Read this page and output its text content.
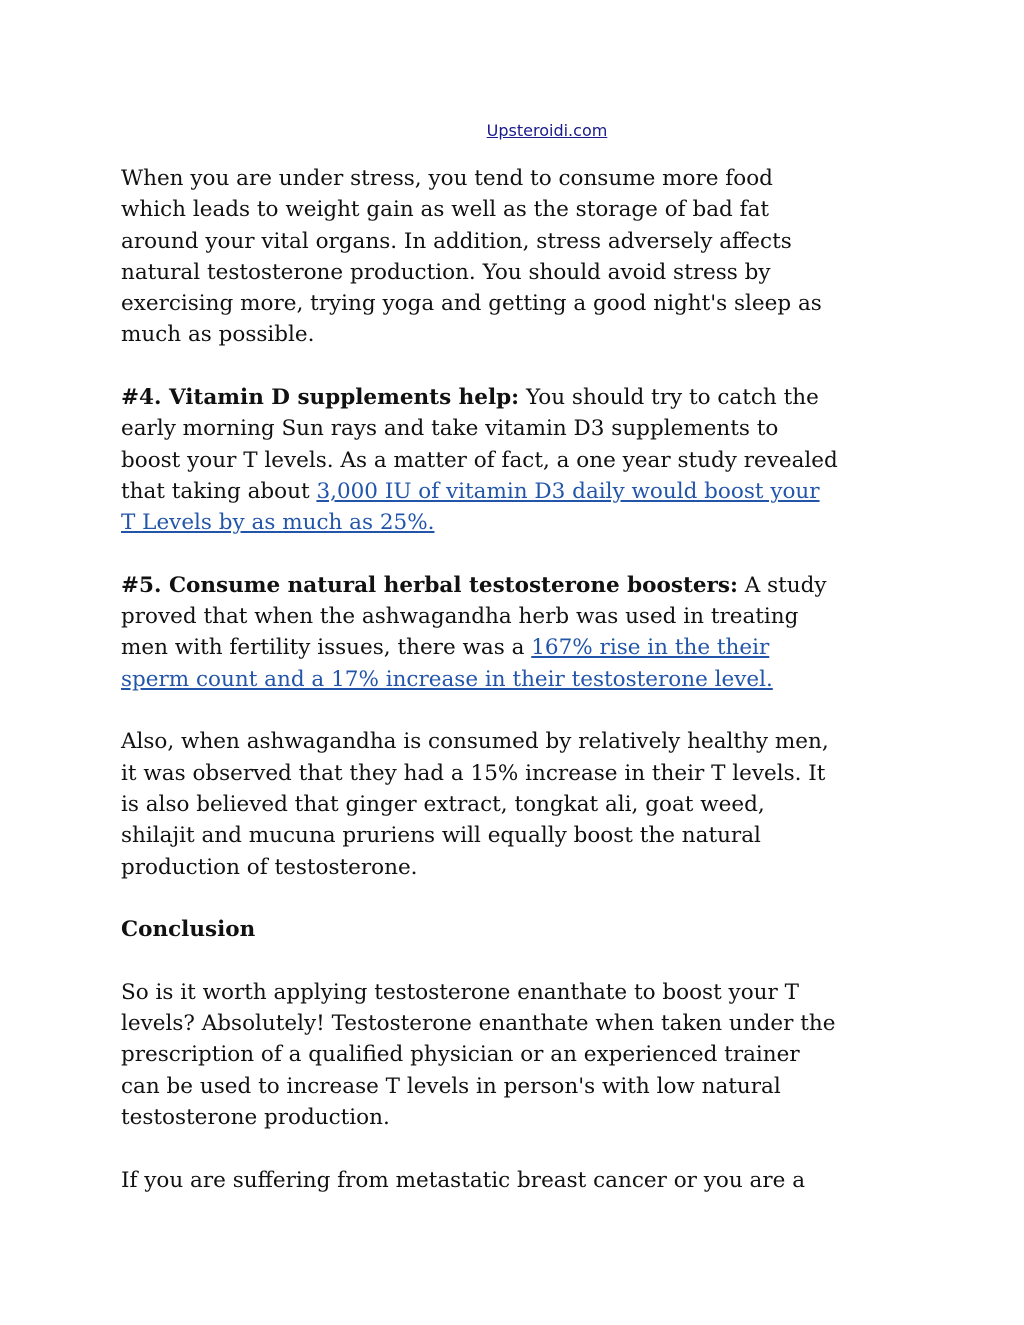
Upsteroidi.com

When you are under stress, you tend to consume more food
which leads to weight gain as well as the storage of bad fat
around your vital organs. In addition, stress adversely affects
natural testosterone production. You should avoid stress by
exercising more, trying yoga and getting a good night's sleep as
much as possible.

#4. Vitamin D supplements help: You should try to catch the
early morning Sun rays and take vitamin D3 supplements to
boost your T levels. As a matter of fact, a one year study revealed
that taking about 3,000 IU of vitamin D3 daily would boost your
T Levels by as much as 25%.

#5. Consume natural herbal testosterone boosters: A study
proved that when the ashwagandha herb was used in treating
men with fertility issues, there was a 167% rise in the their
sperm count and a 17% increase in their testosterone level.

Also, when ashwagandha is consumed by relatively healthy men,
it was observed that they had a 15% increase in their T levels. It
is also believed that ginger extract, tongkat ali, goat weed,
shilajit and mucuna pruriens will equally boost the natural
production of testosterone.

Conclusion

So is it worth applying testosterone enanthate to boost your T
levels? Absolutely! Testosterone enanthate when taken under the
prescription of a qualified physician or an experienced trainer
can be used to increase T levels in person's with low natural
testosterone production.

If you are suffering from metastatic breast cancer or you are a
